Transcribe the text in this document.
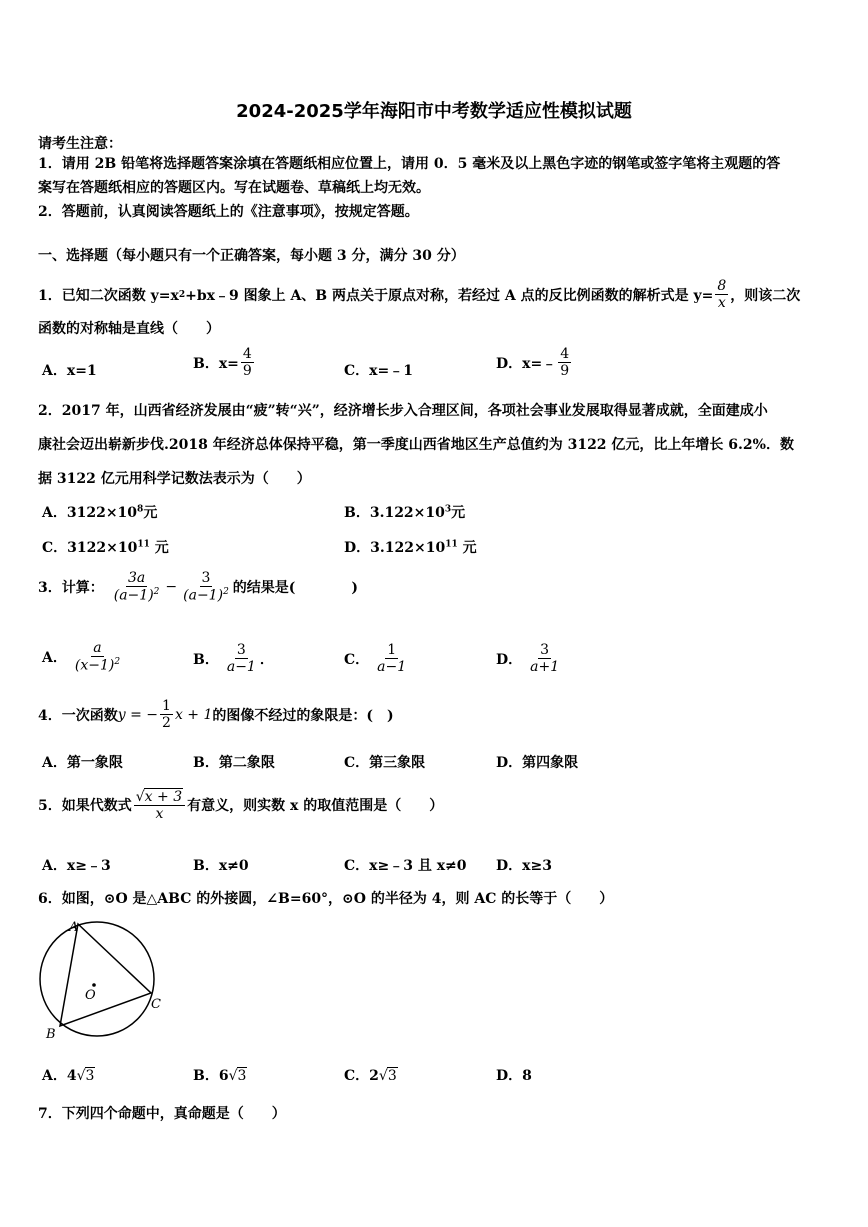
2024-2025学年海阳市中考数学适应性模拟试题
请考生注意：
1．请用 2B 铅笔将选择题答案涂填在答题纸相应位置上，请用 0．5 毫米及以上黑色字迹的钢笔或签字笔将主观题的答
案写在答题纸相应的答题区内。写在试题卷、草稿纸上均无效。
2．答题前，认真阅读答题纸上的《注意事项》，按规定答题。
一、选择题（每小题只有一个正确答案，每小题 3 分，满分 30 分）
1．已知二次函数 y=x 2 +bx﹣9 图象上 A、B 两点关于原点对称，若经过 A 点的反比例函数的解析式是 $y= \frac{8}{x}$ ，则该二次
函数的对称轴是直线（　　）
A．x=1	B．$x= \frac{4}{9}$	C．x=﹣1	D．x=﹣ $\frac{4}{9}$
2．2017 年，山西省经济发展由“疲”转“兴”，经济增长步入合理区间，各项社会事业发展取得显著成就，全面建成小
康社会迈出崭新步伐.2018 年经济总体保持平稳，第一季度山西省地区生产总值约为 3122 亿元，比上年增长 6.2%．数
据 3122 亿元用科学记数法表示为（　　）
A．$3122\times 10^8$元	B．$3.122\times 10^3$元
C．$3122\times 10^{11}$ 元	D．$3.122\times 10^{11}$ 元
3．计算： $\frac{3a}{(a-1)^2} - \frac{3}{(a-1)^2}$ 的结果是(　　　　)
A． $\frac{a}{(x-1)^2}$	B． $\frac{3}{a-1}$ ．	C． $\frac{1}{a-1}$	D． $\frac{3}{a+1}$
4．一次函数 y = − $\frac{1}{2}$ x + 1 的图像不经过的象限是：(　)
A．第一象限	B．第二象限	C．第三象限	D．第四象限
5．如果代数式 $\frac{√x + 3}{x}$ 有意义，则实数 x 的取值范围是（　　）
A．x≥﹣3	B．x≠0	C．x≥﹣3 且 x≠0 D．x≥3
6．如图，⊙O 是△ABC 的外接圆，∠B=60°，⊙O 的半径为 4，则 AC 的长等于（　　）
A
B
C
O
A．4√3	B．6√3	C．2√3	D．8
7．下列四个命题中，真命题是（　　）
